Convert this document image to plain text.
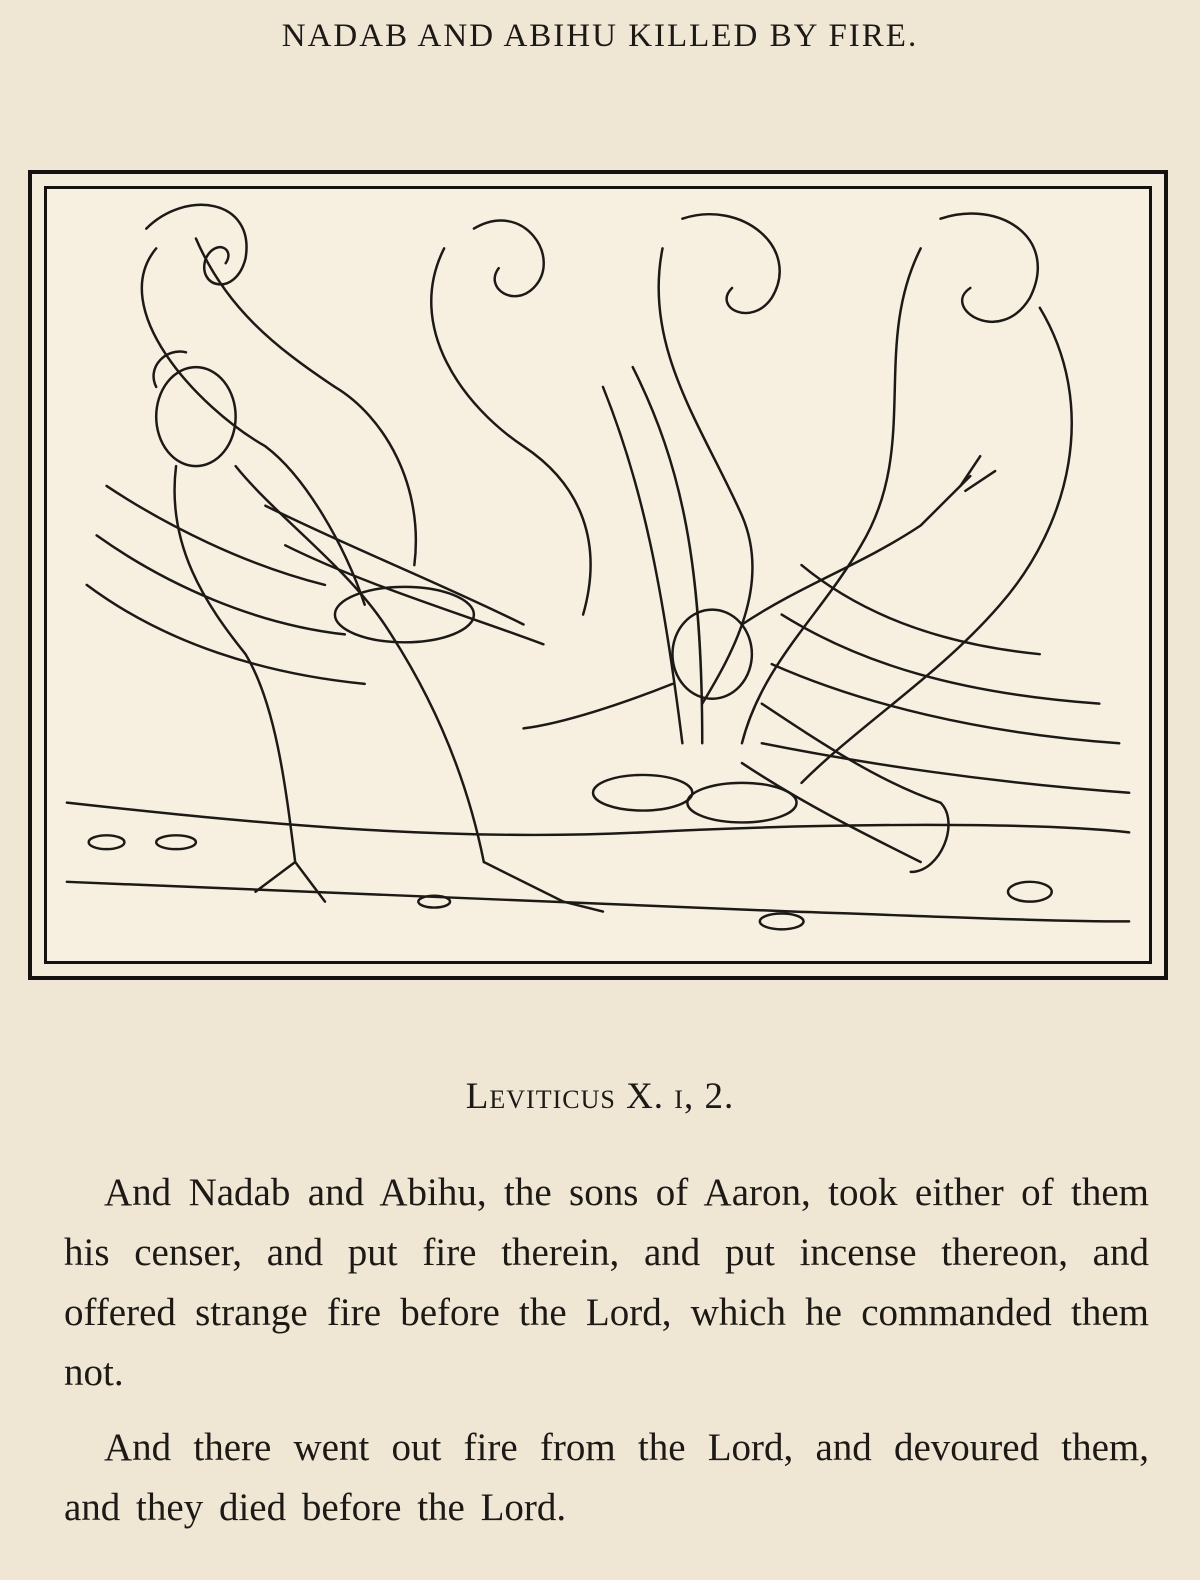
NADAB AND ABIHU KILLED BY FIRE.
Leviticus X. i, 2.

And Nadab and Abihu, the sons of Aaron, took either of them his censer, and put fire therein, and put incense thereon, and offered strange fire before the Lord, which he commanded them not.

And there went out fire from the Lord, and devoured them, and they died before the Lord.
